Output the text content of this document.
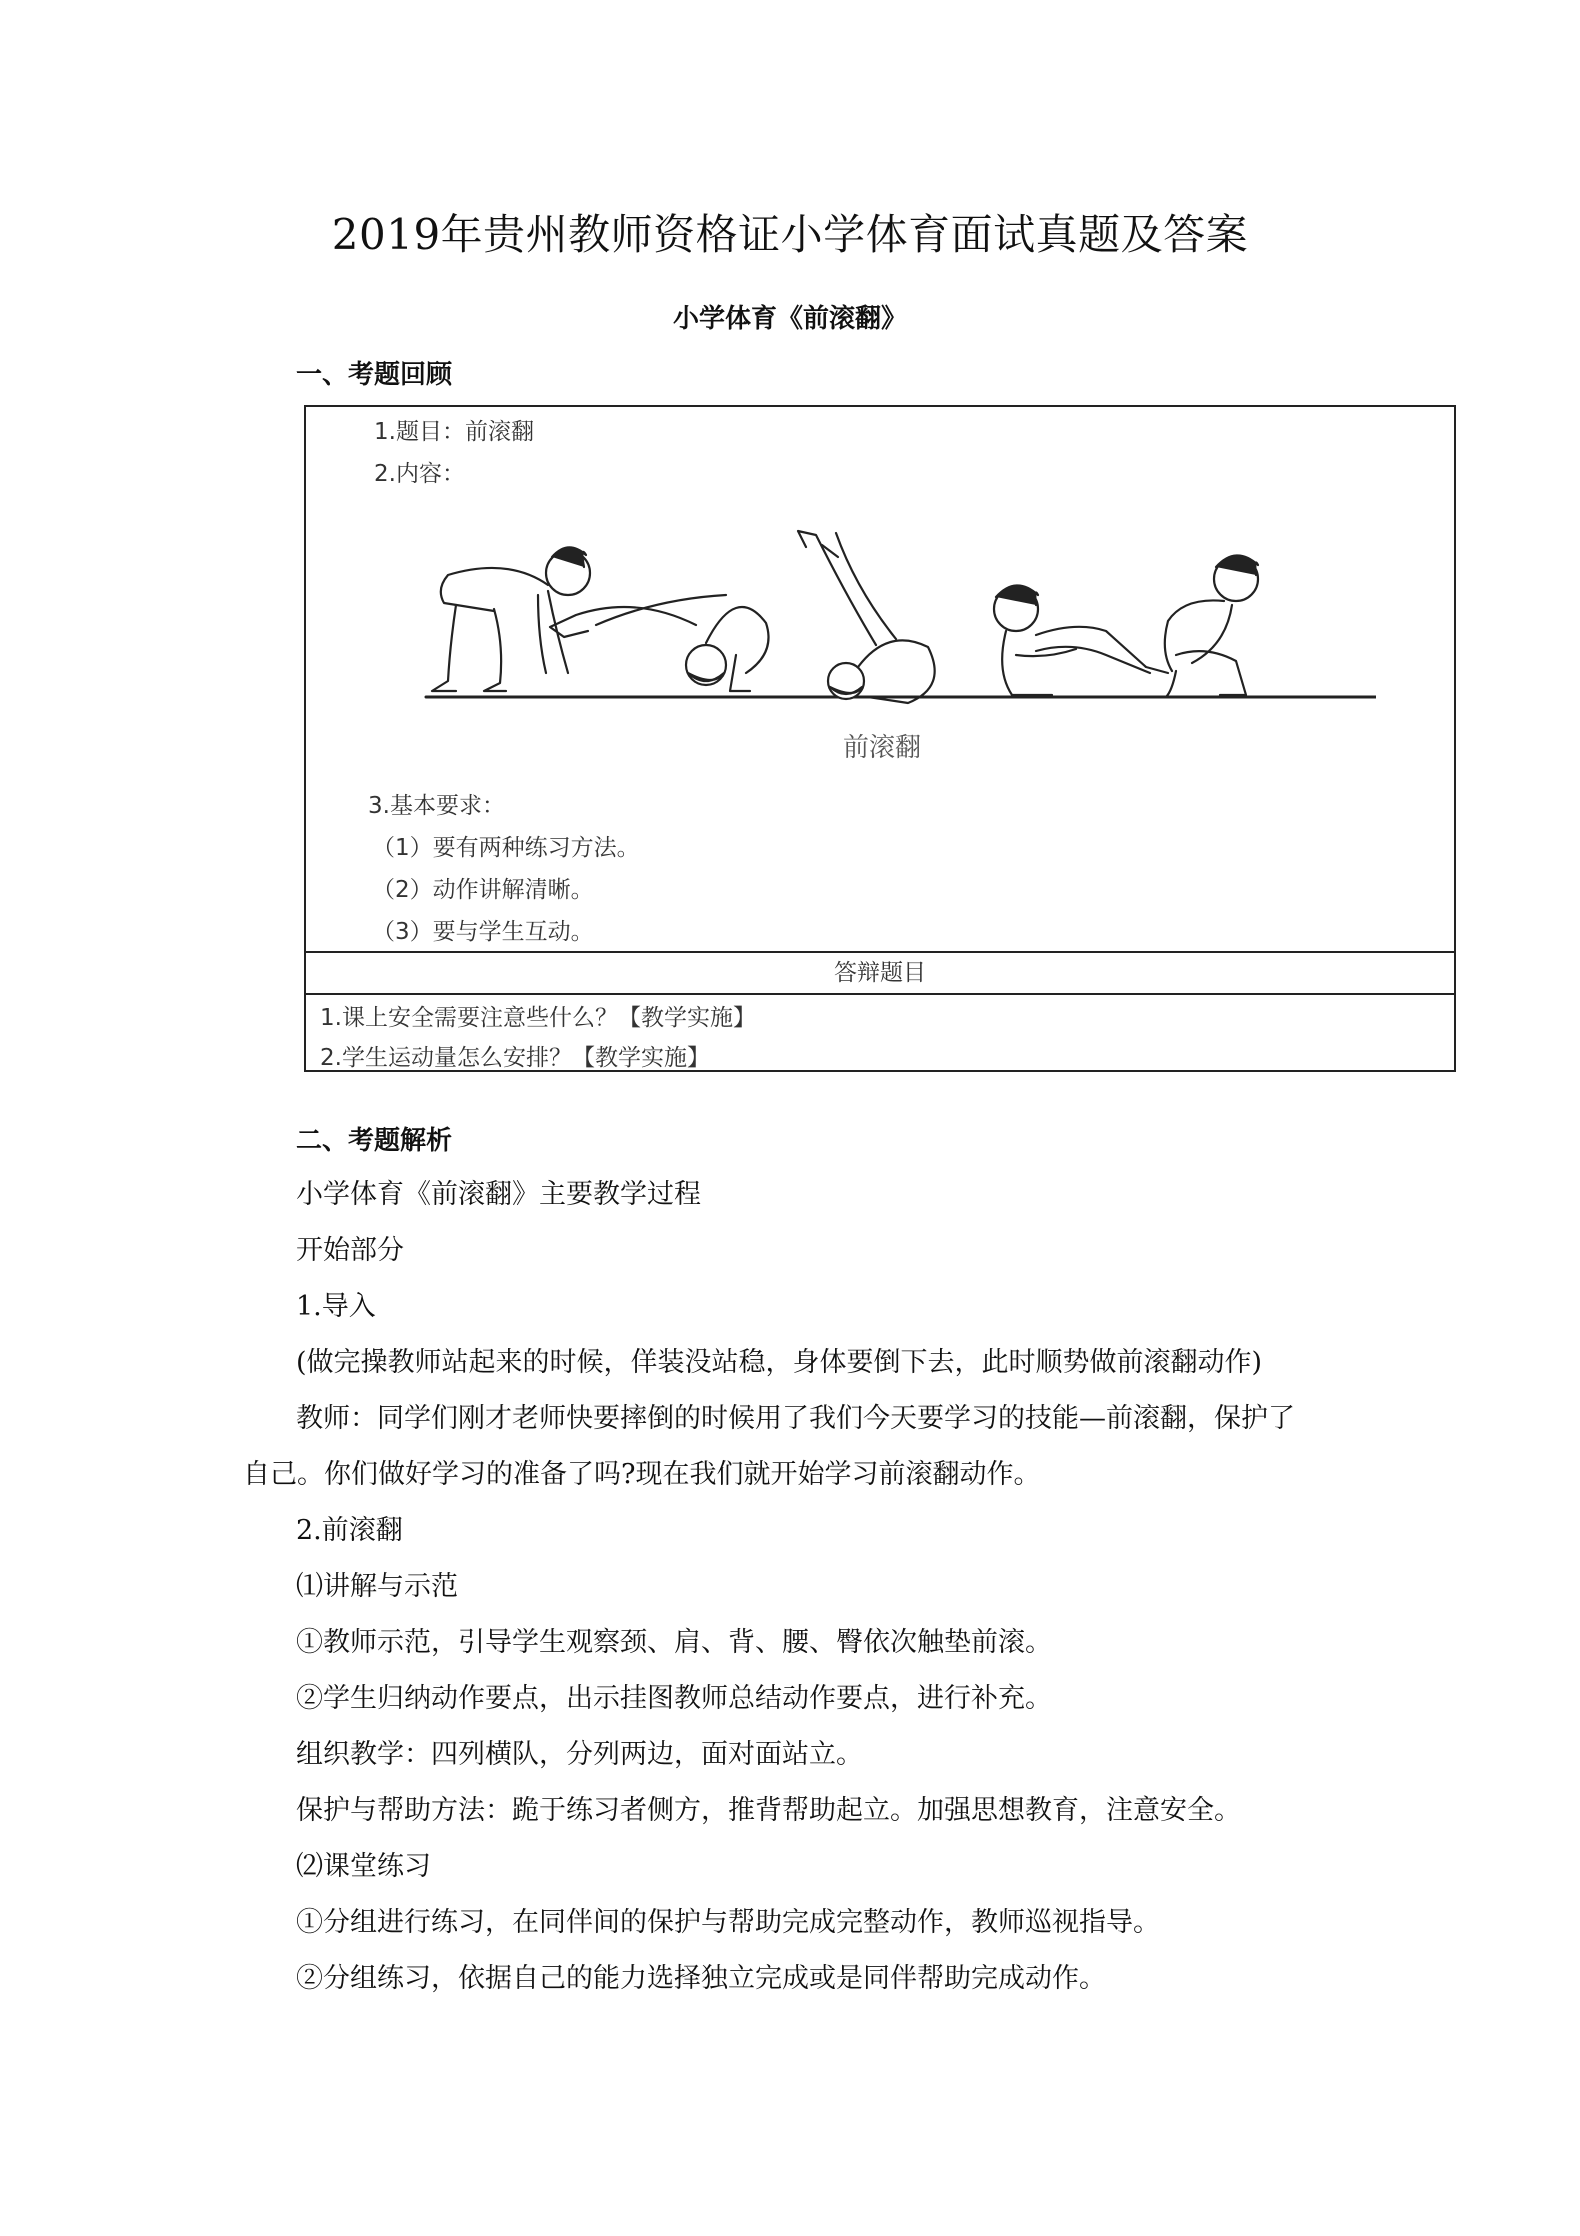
2019年贵州教师资格证小学体育面试真题及答案
小学体育《前滚翻》
一、考题回顾
1.题目：前滚翻
2.内容：
前滚翻
3.基本要求：
（1）要有两种练习方法。
（2）动作讲解清晰。
（3）要与学生互动。
答辩题目
1.课上安全需要注意些什么？【教学实施】
2.学生运动量怎么安排？【教学实施】
二、考题解析
小学体育《前滚翻》主要教学过程
开始部分
1.导入
(做完操教师站起来的时候，佯装没站稳，身体要倒下去，此时顺势做前滚翻动作)
教师：同学们刚才老师快要摔倒的时候用了我们今天要学习的技能—前滚翻，保护了
自己。你们做好学习的准备了吗?现在我们就开始学习前滚翻动作。
2.前滚翻
⑴讲解与示范
①教师示范，引导学生观察颈、肩、背、腰、臀依次触垫前滚。
②学生归纳动作要点，出示挂图教师总结动作要点，进行补充。
组织教学：四列横队，分列两边，面对面站立。
保护与帮助方法：跪于练习者侧方，推背帮助起立。加强思想教育，注意安全。
⑵课堂练习
①分组进行练习，在同伴间的保护与帮助完成完整动作，教师巡视指导。
②分组练习，依据自己的能力选择独立完成或是同伴帮助完成动作。
